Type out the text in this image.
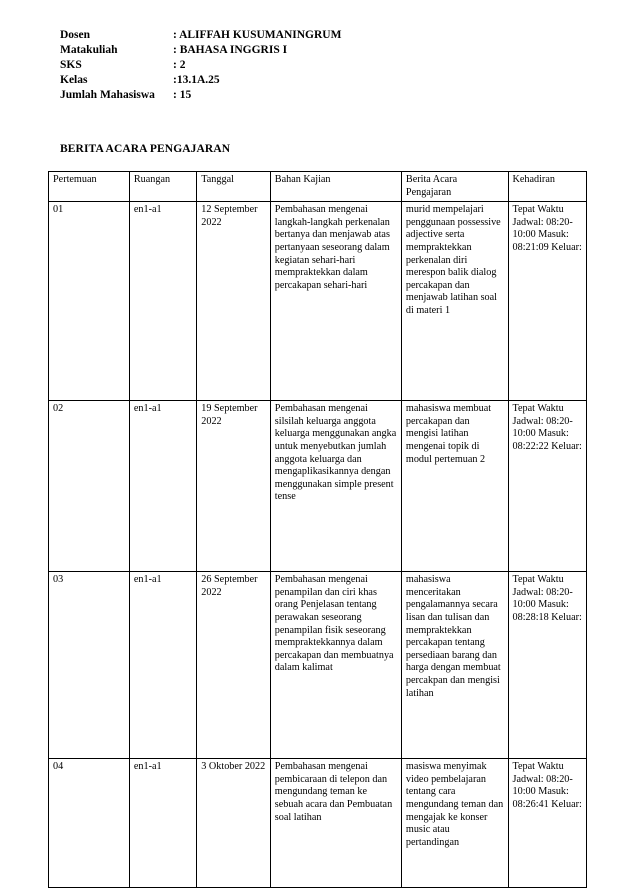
Dosen	: ALIFFAH KUSUMANINGRUM
Matakuliah	: BAHASA INGGRIS I
SKS	: 2
Kelas	:13.1A.25
Jumlah Mahasiswa	: 15
BERITA ACARA PENGAJARAN
Pertemuan	Ruangan	Tanggal	Bahan Kajian	Berita Acara Pengajaran	Kehadiran
01	en1-a1	12 September 2022	Pembahasan mengenai langkah-langkah perkenalan bertanya dan menjawab atas pertanyaan seseorang dalam kegiatan sehari-hari mempraktekkan dalam percakapan sehari-hari	murid mempelajari penggunaan possessive adjective serta mempraktekkan perkenalan diri merespon balik dialog percakapan dan menjawab latihan soal di materi 1	Tepat Waktu Jadwal: 08:20-10:00 Masuk: 08:21:09 Keluar:
02	en1-a1	19 September 2022	Pembahasan mengenai silsilah keluarga anggota keluarga menggunakan angka untuk menyebutkan jumlah anggota keluarga dan mengaplikasikannya dengan menggunakan simple present tense	mahasiswa membuat percakapan dan mengisi latihan mengenai topik di modul pertemuan 2	Tepat Waktu Jadwal: 08:20-10:00 Masuk: 08:22:22 Keluar:
03	en1-a1	26 September 2022	Pembahasan mengenai penampilan dan ciri khas orang Penjelasan tentang perawakan seseorang penampilan fisik seseorang mempraktekkannya dalam percakapan dan membuatnya dalam kalimat	mahasiswa menceritakan pengalamannya secara lisan dan tulisan dan mempraktekkan percakapan tentang persediaan barang dan harga dengan membuat percakpan dan mengisi latihan	Tepat Waktu Jadwal: 08:20-10:00 Masuk: 08:28:18 Keluar:
04	en1-a1	3 Oktober 2022	Pembahasan mengenai pembicaraan di telepon dan mengundang teman ke sebuah acara dan Pembuatan soal latihan	masiswa menyimak video pembelajaran tentang cara mengundang teman dan mengajak ke konser music atau pertandingan	Tepat Waktu Jadwal: 08:20-10:00 Masuk: 08:26:41 Keluar:
